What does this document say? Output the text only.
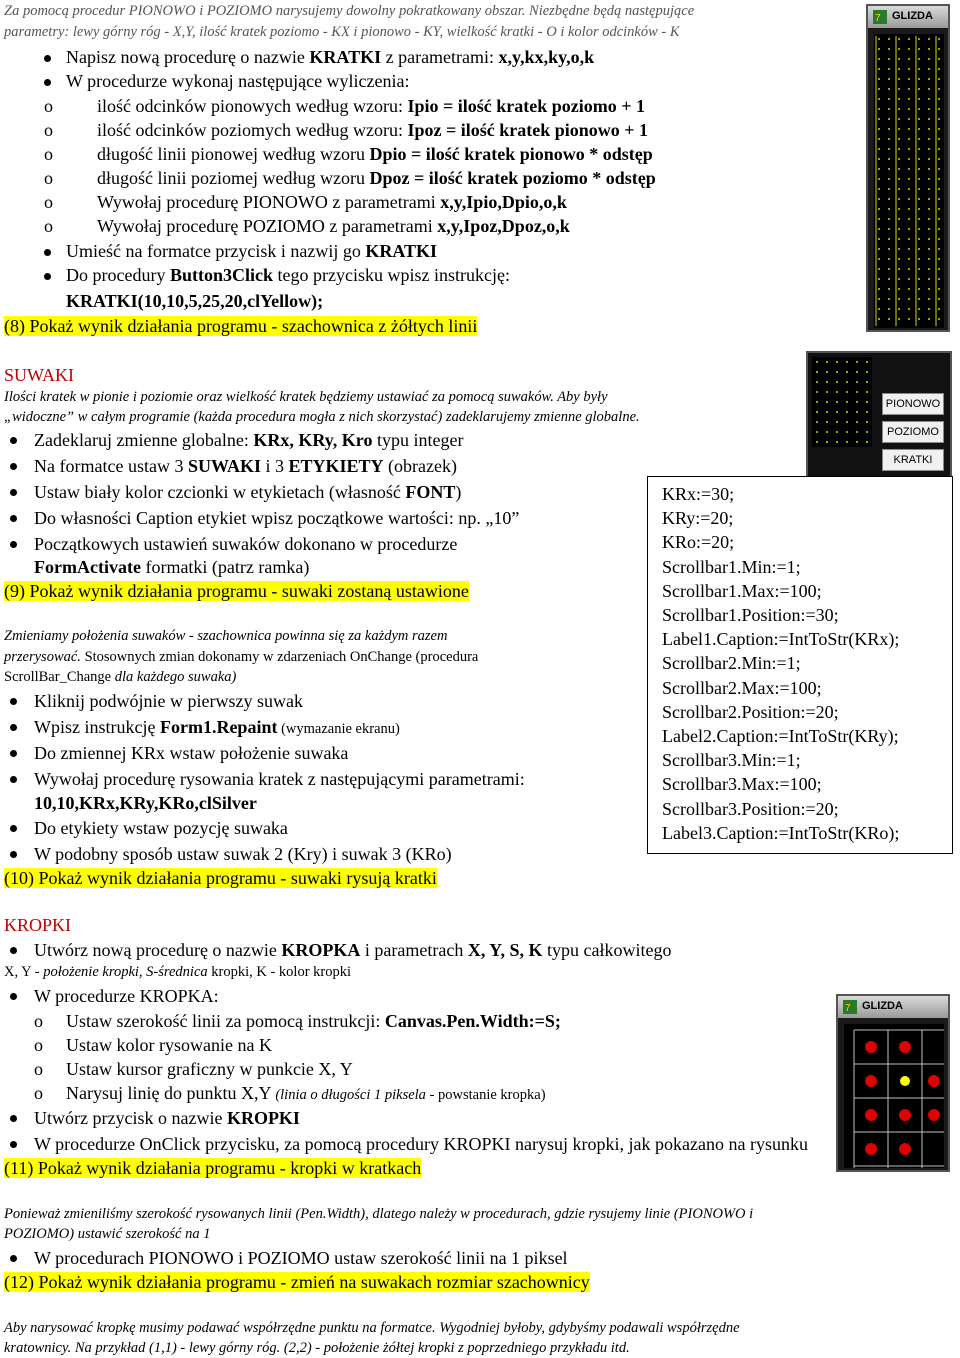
Za pomocą procedur PIONOWO i POZIOMO narysujemy dowolny pokratkowany obszar. Niezbędne będą następujące
parametry: lewy górny róg - X,Y, ilość kratek poziomo - KX i pionowo - KY, wielkość kratki - O i kolor odcinków - K
Napisz nową procedurę o nazwie KRATKI z parametrami: x,y,kx,ky,o,k
W procedurze wykonaj następujące wyliczenia:
o ilość odcinków pionowych według wzoru: Ipio = ilość kratek poziomo + 1
o ilość odcinków poziomych według wzoru: Ipoz = ilość kratek pionowo + 1
o długość linii pionowej według wzoru Dpio = ilość kratek pionowo * odstęp
o długość linii poziomej według wzoru Dpoz = ilość kratek poziomo * odstęp
o Wywołaj procedurę PIONOWO z parametrami x,y,Ipio,Dpio,o,k
o Wywołaj procedurę POZIOMO z parametrami x,y,Ipoz,Dpoz,o,k
Umieść na formatce przycisk i nazwij go KRATKI
Do procedury Button3Click tego przycisku wpisz instrukcję:
KRATKI(10,10,5,25,20,clYellow);
(8) Pokaż wynik działania programu - szachownica z żółtych linii
7 GLIZDA
SUWAKI
Ilości kratek w pionie i poziomie oraz wielkość kratek będziemy ustawiać za pomocą suwaków. Aby były
„widoczne” w całym programie (każda procedura mogła z nich skorzystać) zadeklarujemy zmienne globalne.
Zadeklaruj zmienne globalne: KRx, KRy, Kro typu integer
Na formatce ustaw 3 SUWAKI i 3 ETYKIETY (obrazek)
Ustaw biały kolor czcionki w etykietach (własność FONT)
Do własności Caption etykiet wpisz początkowe wartości: np. „10”
Początkowych ustawień suwaków dokonano w procedurze
FormActivate formatki (patrz ramka)
(9) Pokaż wynik działania programu - suwaki zostaną ustawione
Zmieniamy położenia suwaków - szachownica powinna się za każdym razem
przerysować. Stosownych zmian dokonamy w zdarzeniach OnChange (procedura
ScrollBar_Change dla każdego suwaka)
Kliknij podwójnie w pierwszy suwak
Wpisz instrukcję Form1.Repaint (wymazanie ekranu)
Do zmiennej KRx wstaw położenie suwaka
Wywołaj procedurę rysowania kratek z następującymi parametrami:
10,10,KRx,KRy,KRo,clSilver
Do etykiety wstaw pozycję suwaka
W podobny sposób ustaw suwak 2 (Kry) i suwak 3 (KRo)
(10) Pokaż wynik działania programu - suwaki rysują kratki
PIONOWO
POZIOMO
KRATKI
KRx:=30;
KRy:=20;
KRo:=20;
Scrollbar1.Min:=1;
Scrollbar1.Max:=100;
Scrollbar1.Position:=30;
Label1.Caption:=IntToStr(KRx);
Scrollbar2.Min:=1;
Scrollbar2.Max:=100;
Scrollbar2.Position:=20;
Label2.Caption:=IntToStr(KRy);
Scrollbar3.Min:=1;
Scrollbar3.Max:=100;
Scrollbar3.Position:=20;
Label3.Caption:=IntToStr(KRo);
KROPKI
Utwórz nową procedurę o nazwie KROPKA i parametrach X, Y, S, K typu całkowitego
X, Y - położenie kropki, S-średnica kropki, K - kolor kropki
W procedurze KROPKA:
o Ustaw szerokość linii za pomocą instrukcji: Canvas.Pen.Width:=S;
o Ustaw kolor rysowanie na K
o Ustaw kursor graficzny w punkcie X, Y
o Narysuj linię do punktu X,Y (linia o długości 1 piksela - powstanie kropka)
Utwórz przycisk o nazwie KROPKI
W procedurze OnClick przycisku, za pomocą procedury KROPKI narysuj kropki, jak pokazano na rysunku
(11) Pokaż wynik działania programu - kropki w kratkach
Ponieważ zmieniliśmy szerokość rysowanych linii (Pen.Width), dlatego należy w procedurach, gdzie rysujemy linie (PIONOWO i
POZIOMO) ustawić szerokość na 1
W procedurach PIONOWO i POZIOMO ustaw szerokość linii na 1 piksel
(12) Pokaż wynik działania programu - zmień na suwakach rozmiar szachownicy
Aby narysować kropkę musimy podawać współrzędne punktu na formatce. Wygodniej byłoby, gdybyśmy podawali współrzędne
kratownicy. Na przykład (1,1) - lewy górny róg. (2,2) - położenie żółtej kropki z poprzedniego przykładu itd.
7 GLIZDA
